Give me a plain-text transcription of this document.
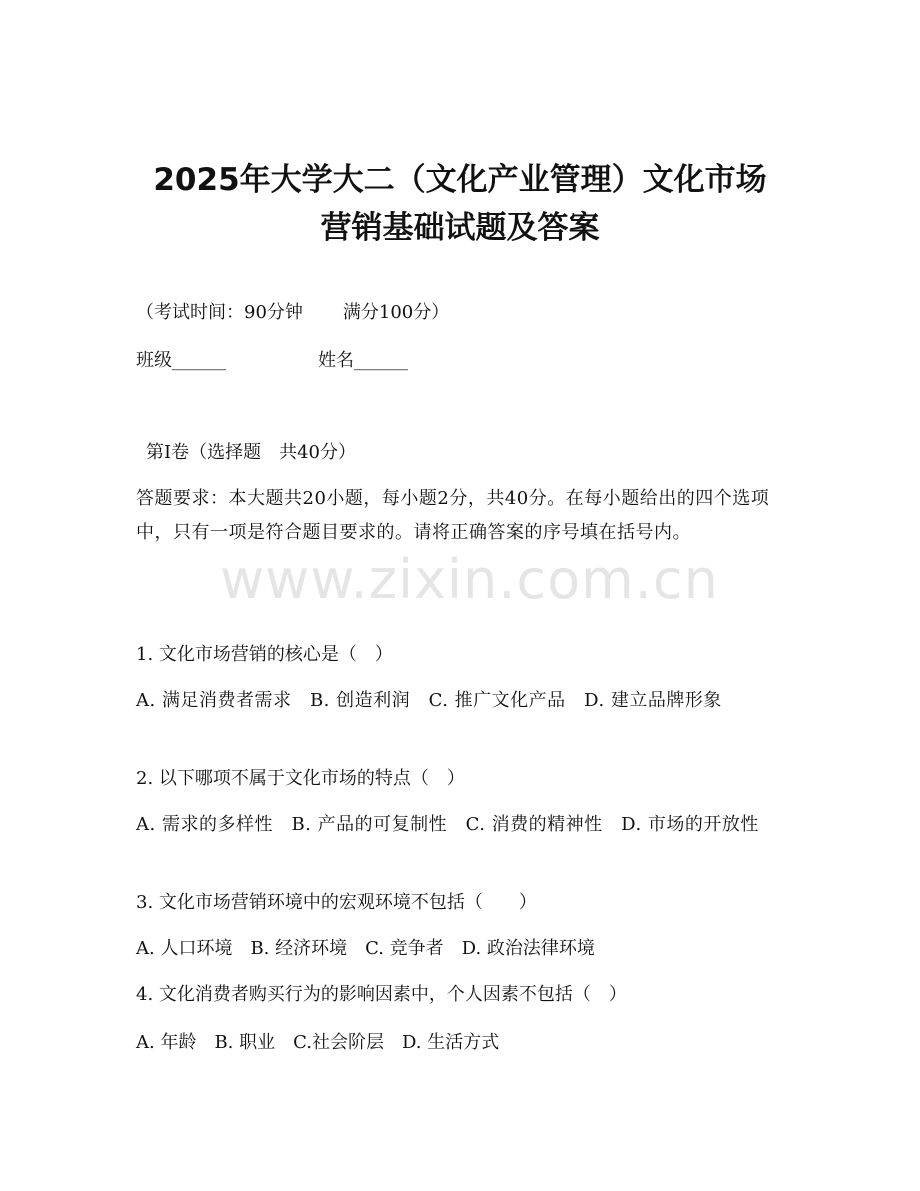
2025年大学大二（文化产业管理）文化市场
营销基础试题及答案
（考试时间：90分钟 满分100分）
班级______	姓名______
第Ⅰ卷（选择题　共40分）

答题要求：本大题共20小题，每小题2分，共40分。在每小题给出的四个选项中，只有一项是符合题目要求的。请将正确答案的序号填在括号内。

www.zixin.com.cn
1. 文化市场营销的核心是（　）

A. 满足消费者需求　B. 创造利润　C. 推广文化产品　D. 建立品牌形象

2. 以下哪项不属于文化市场的特点（　）

A. 需求的多样性　B. 产品的可复制性　C. 消费的精神性　D. 市场的开放性

3. 文化市场营销环境中的宏观环境不包括（　　）
A. 人口环境　B. 经济环境　C. 竞争者　D. 政治法律环境
4. 文化消费者购买行为的影响因素中，个人因素不包括（　）
A. 年龄　B. 职业　C.社会阶层　D. 生活方式
